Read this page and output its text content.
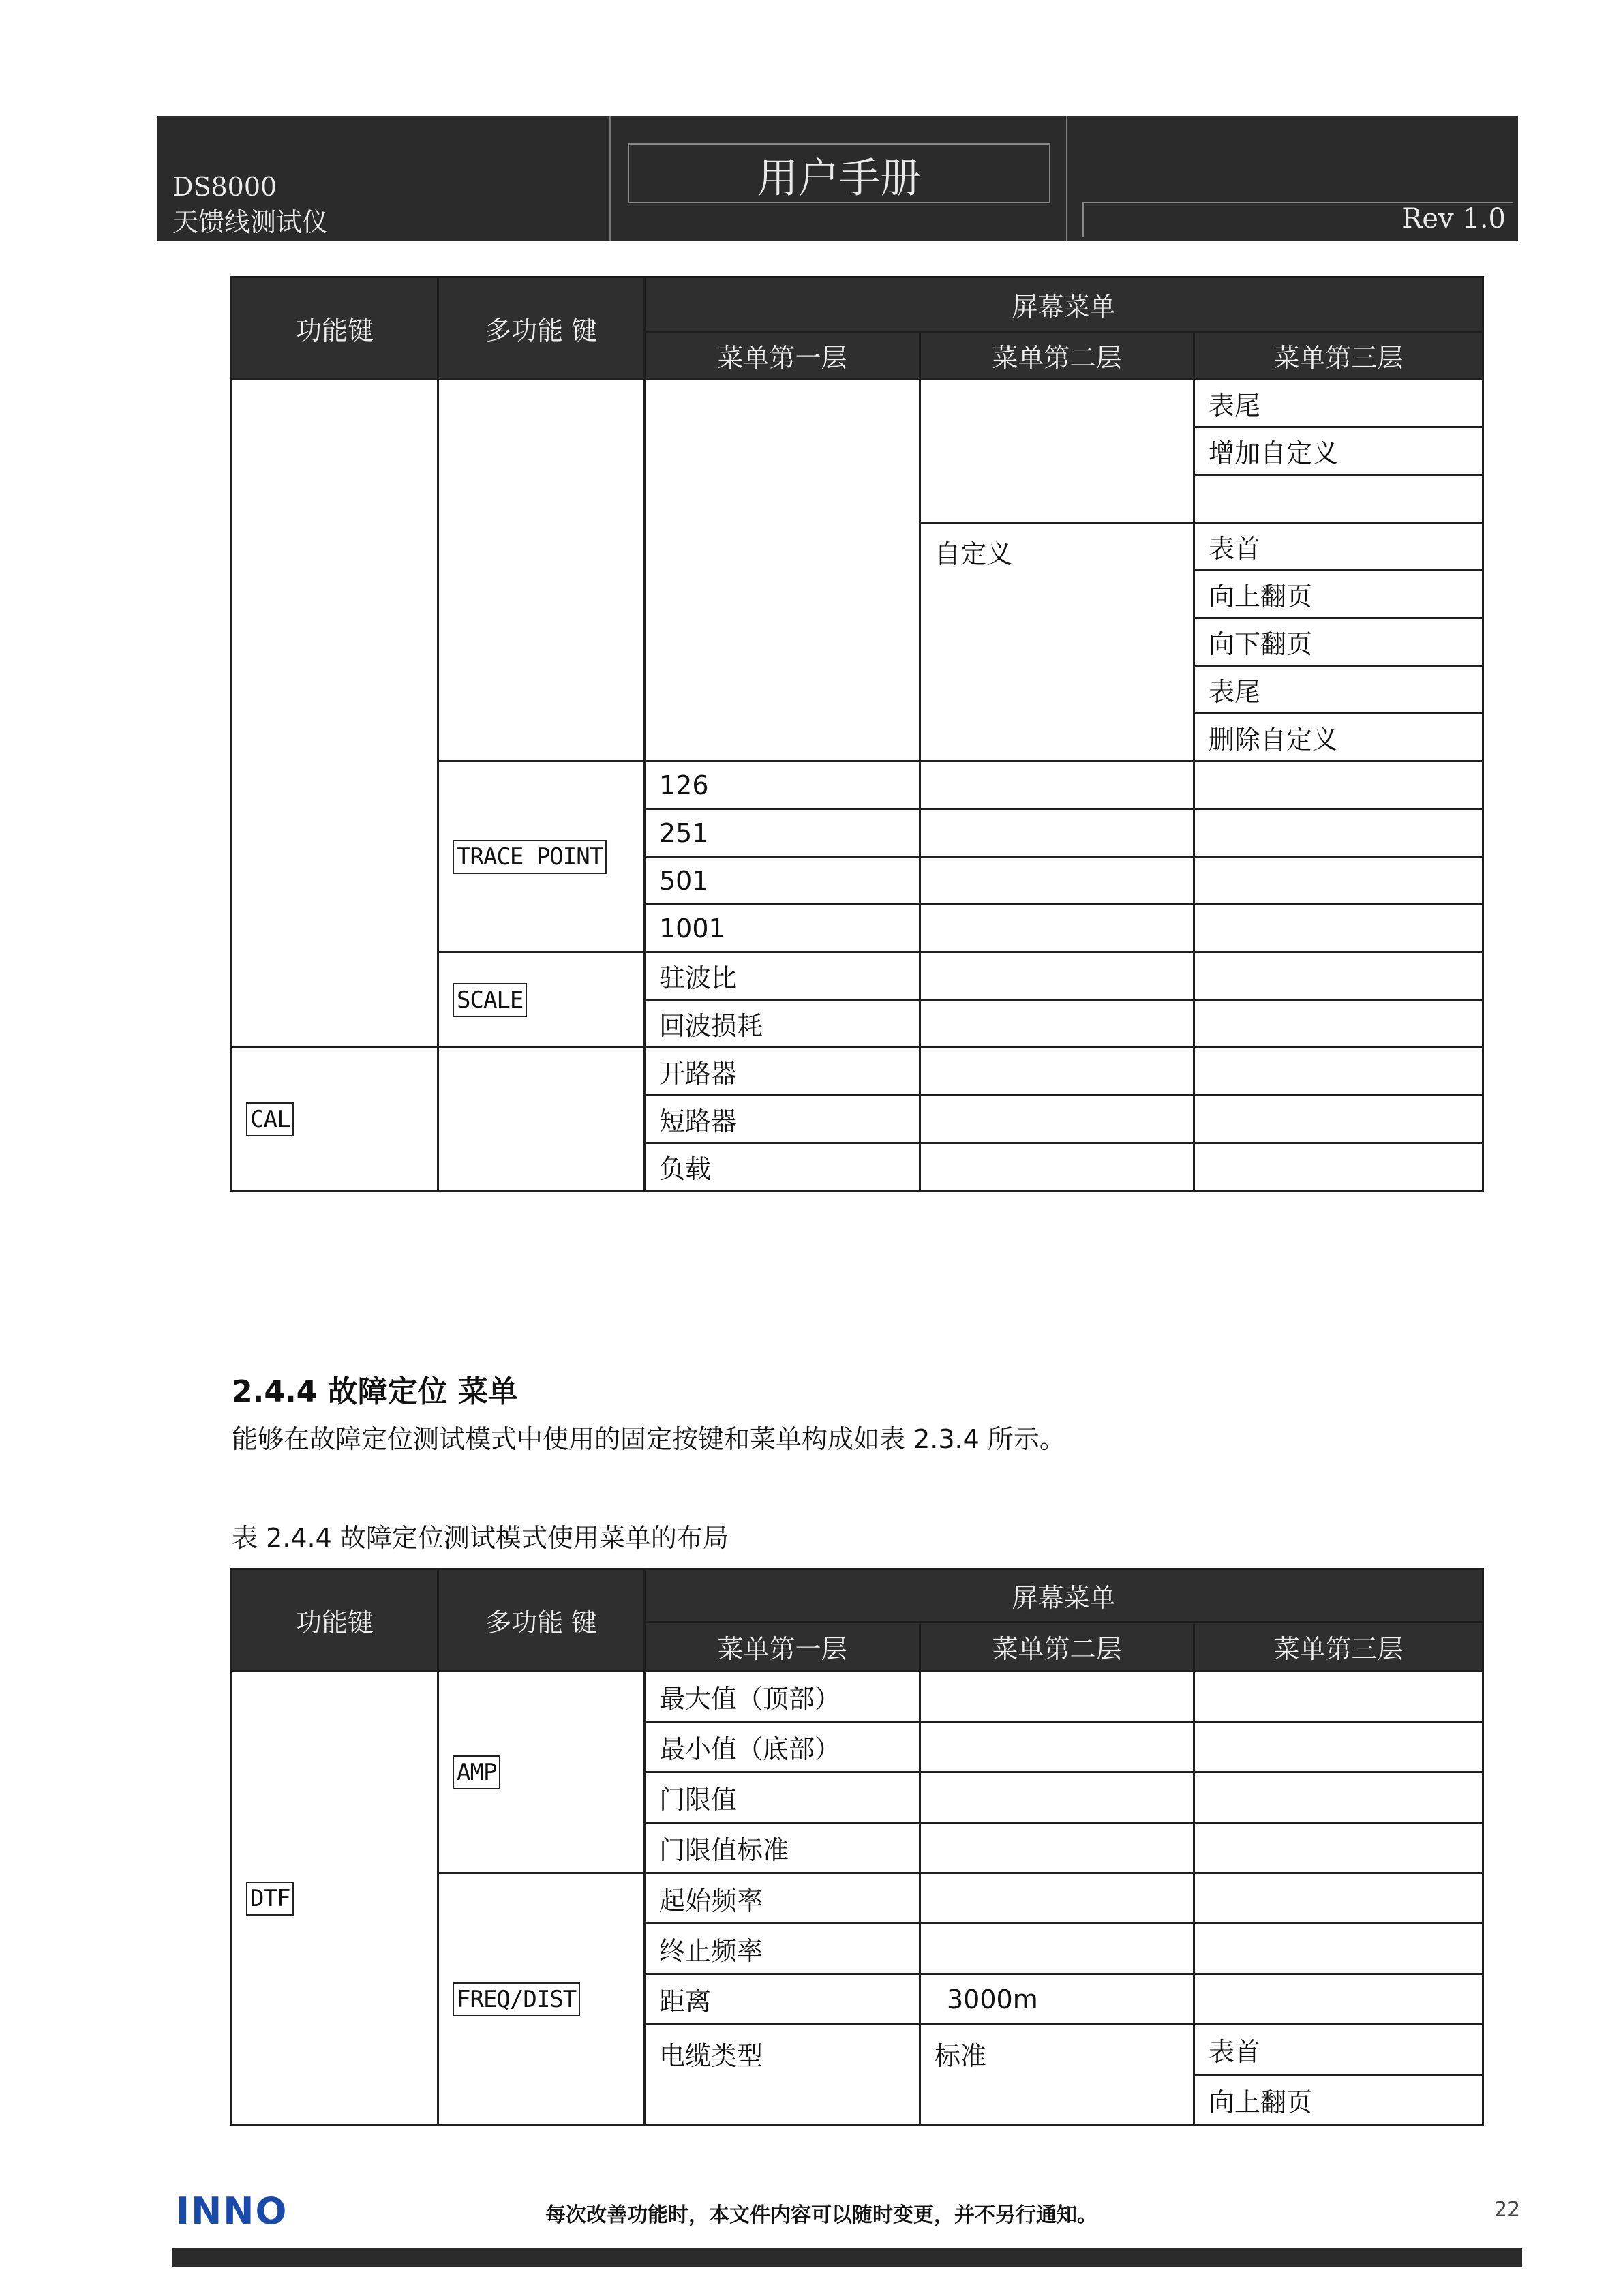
DS8000
天馈线测试仪
用户手册
Rev 1.0
功能键	多功能 键	屏幕菜单		
		菜单第一层	菜单第二层	菜单第三层
				表尾
				增加自定义

			自定义	表首
				向上翻页
				向下翻页
				表尾
				删除自定义
	TRACE POINT	126		
		251		
		501		
		1001		
	SCALE	驻波比		
		回波损耗		
CAL		开路器		
		短路器		
		负载		
2.4.4 故障定位 菜单
能够在故障定位测试模式中使用的固定按键和菜单构成如表 2.3.4 所示。
表 2.4.4 故障定位测试模式使用菜单的布局
功能键	多功能 键	屏幕菜单		
		菜单第一层	菜单第二层	菜单第三层
DTF	AMP	最大值（顶部）		
		最小值（底部）		
		门限值		
		门限值标准		
	FREQ/DIST	起始频率		
		终止频率		
		距离	3000m	
		电缆类型	标准	表首
				向上翻页
INNO	每次改善功能时，本文件内容可以随时变更，并不另行通知。	22
